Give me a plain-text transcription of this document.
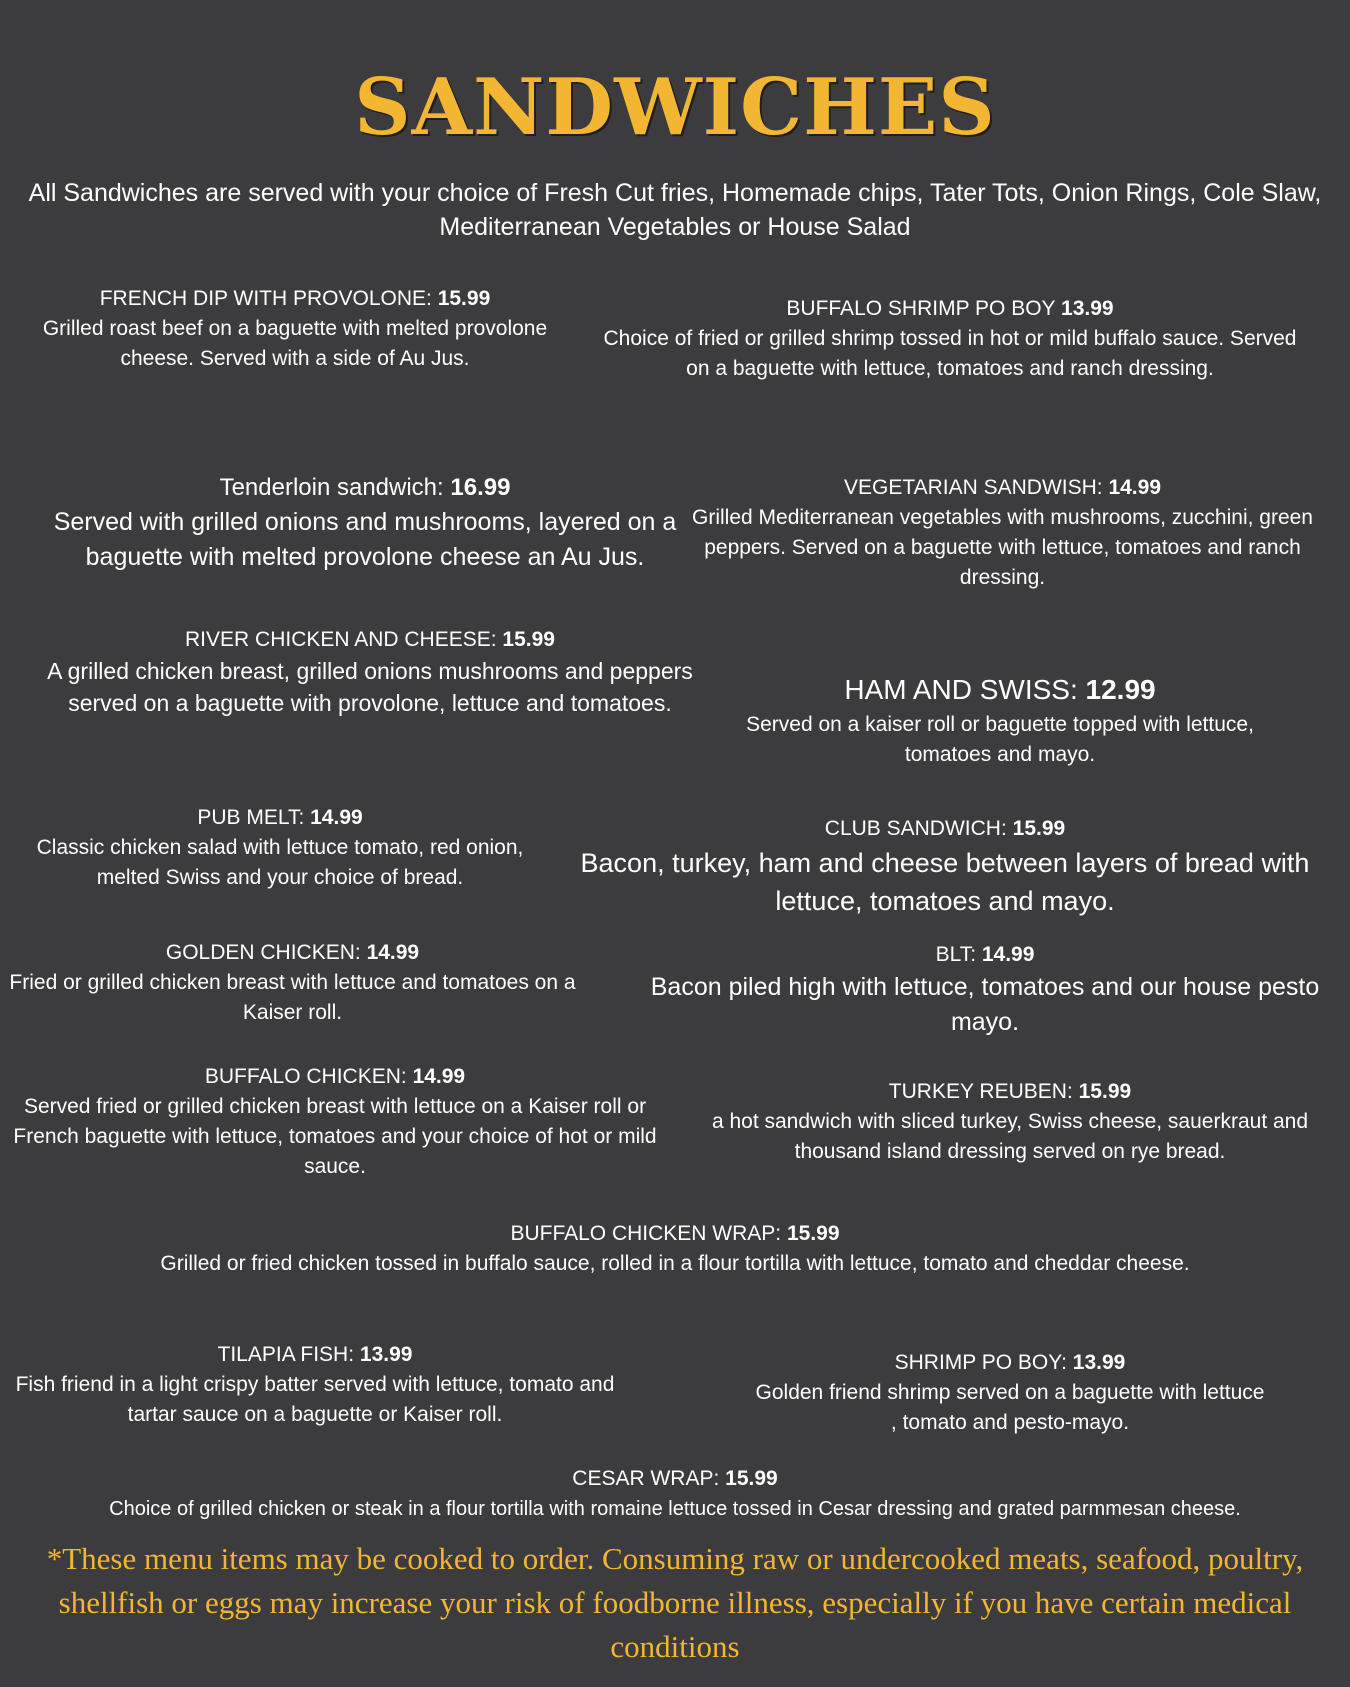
SANDWICHES
All Sandwiches are served with your choice of Fresh Cut fries, Homemade chips, Tater Tots, Onion Rings, Cole Slaw, Mediterranean Vegetables or House Salad
FRENCH DIP WITH PROVOLONE: 15.99
Grilled roast beef on a baguette with melted provolone cheese. Served with a side of Au Jus.
BUFFALO SHRIMP PO BOY 13.99
Choice of fried or grilled shrimp tossed in hot or mild buffalo sauce. Served on a baguette with lettuce, tomatoes and ranch dressing.
Tenderloin sandwich: 16.99
Served with grilled onions and mushrooms, layered on a baguette with melted provolone cheese an Au Jus.
VEGETARIAN SANDWISH: 14.99
Grilled Mediterranean vegetables with mushrooms, zucchini, green peppers. Served on a baguette with lettuce, tomatoes and ranch dressing.
RIVER CHICKEN AND CHEESE: 15.99
A grilled chicken breast, grilled onions mushrooms and peppers served on a baguette with provolone, lettuce and tomatoes.	HAM AND SWISS: 12.99
Served on a kaiser roll or baguette topped with lettuce, tomatoes and mayo.
PUB MELT: 14.99
Classic chicken salad with lettuce tomato, red onion, melted Swiss and your choice of bread.
CLUB SANDWICH: 15.99
Bacon, turkey, ham and cheese between layers of bread with lettuce, tomatoes and mayo.
GOLDEN CHICKEN: 14.99
Fried or grilled chicken breast with lettuce and tomatoes on a Kaiser roll.
BLT: 14.99
Bacon piled high with lettuce, tomatoes and our house pesto mayo.
BUFFALO CHICKEN: 14.99
Served fried or grilled chicken breast with lettuce on a Kaiser roll or French baguette with lettuce, tomatoes and your choice of hot or mild sauce.
TURKEY REUBEN: 15.99
a hot sandwich with sliced turkey, Swiss cheese, sauerkraut and thousand island dressing served on rye bread.
BUFFALO CHICKEN WRAP: 15.99
Grilled or fried chicken tossed in buffalo sauce, rolled in a flour tortilla with lettuce, tomato and cheddar cheese.
TILAPIA FISH: 13.99
Fish friend in a light crispy batter served with lettuce, tomato and tartar sauce on a baguette or Kaiser roll.
SHRIMP PO BOY: 13.99
Golden friend shrimp served on a baguette with lettuce , tomato and pesto-mayo.
CESAR WRAP: 15.99
Choice of grilled chicken or steak in a flour tortilla with romaine lettuce tossed in Cesar dressing and grated parmmesan cheese.
*These menu items may be cooked to order. Consuming raw or undercooked meats, seafood, poultry, shellfish or eggs may increase your risk of foodborne illness, especially if you have certain medical conditions
